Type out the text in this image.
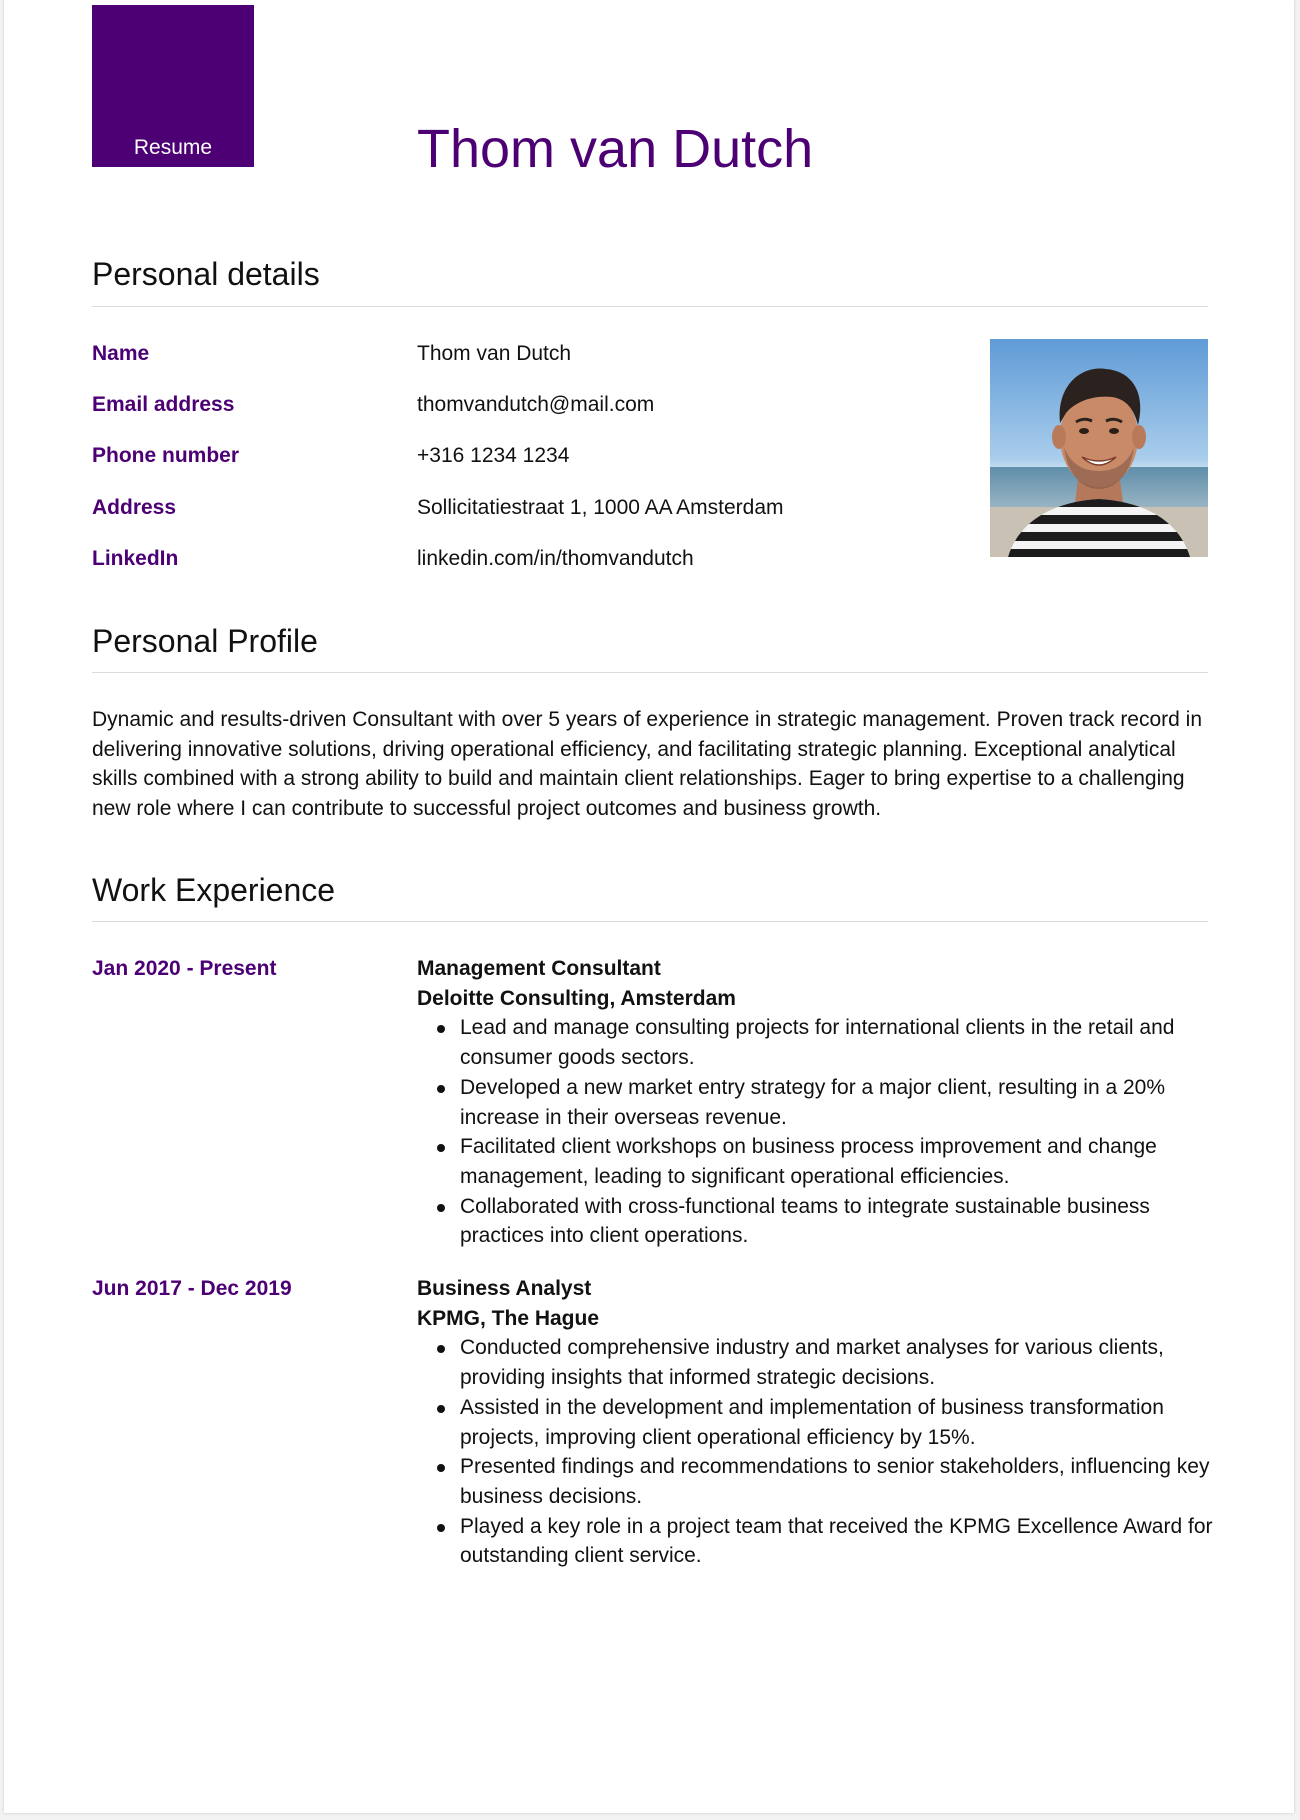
Resume	Thom van Dutch
Personal details
Name	Thom van Dutch
Email address	thomvandutch@mail.com
Phone number	+316 1234 1234
Address	Sollicitatiestraat 1, 1000 AA Amsterdam
LinkedIn	linkedin.com/in/thomvandutch
Personal Profile
Dynamic and results-driven Consultant with over 5 years of experience in strategic management. Proven track record in delivering innovative solutions, driving operational efficiency, and facilitating strategic planning. Exceptional analytical skills combined with a strong ability to build and maintain client relationships. Eager to bring expertise to a challenging new role where I can contribute to successful project outcomes and business growth.
Work Experience
Jan 2020 - Present	Management Consultant
Deloitte Consulting, Amsterdam
Lead and manage consulting projects for international clients in the retail and consumer goods sectors.
Developed a new market entry strategy for a major client, resulting in a 20% increase in their overseas revenue.
Facilitated client workshops on business process improvement and change management, leading to significant operational efficiencies.
Collaborated with cross-functional teams to integrate sustainable business practices into client operations.
Jun 2017 - Dec 2019	Business Analyst
KPMG, The Hague
Conducted comprehensive industry and market analyses for various clients, providing insights that informed strategic decisions.
Assisted in the development and implementation of business transformation projects, improving client operational efficiency by 15%.
Presented findings and recommendations to senior stakeholders, influencing key business decisions.
Played a key role in a project team that received the KPMG Excellence Award for outstanding client service.
